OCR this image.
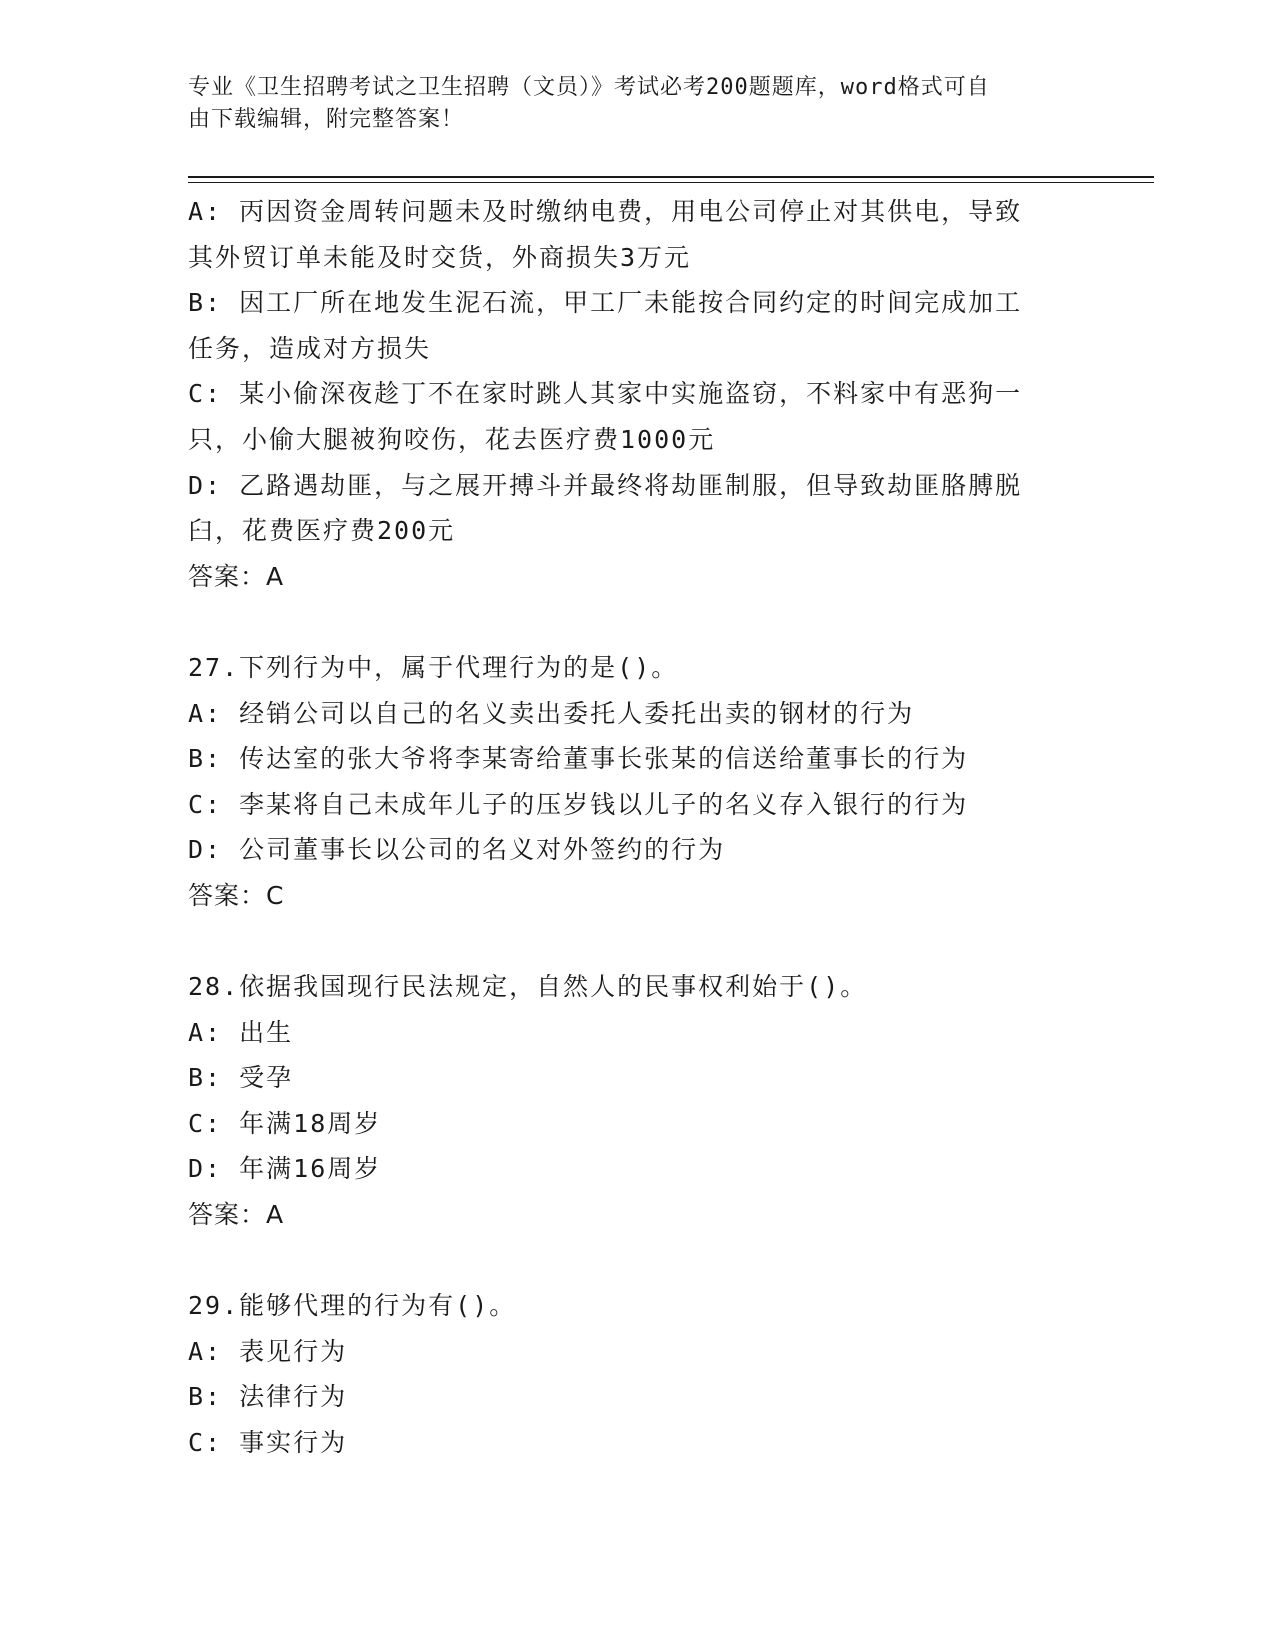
专业《卫生招聘考试之卫生招聘（文员）》考试必考200题题库，word格式可自
由下载编辑，附完整答案！
A: 丙因资金周转问题未及时缴纳电费，用电公司停止对其供电，导致
其外贸订单未能及时交货，外商损失3万元
B: 因工厂所在地发生泥石流，甲工厂未能按合同约定的时间完成加工
任务，造成对方损失
C: 某小偷深夜趁丁不在家时跳人其家中实施盗窃，不料家中有恶狗一
只，小偷大腿被狗咬伤，花去医疗费1000元
D: 乙路遇劫匪，与之展开搏斗并最终将劫匪制服，但导致劫匪胳膊脱
臼，花费医疗费200元
答案：A
27.下列行为中，属于代理行为的是()。
A: 经销公司以自己的名义卖出委托人委托出卖的钢材的行为
B: 传达室的张大爷将李某寄给董事长张某的信送给董事长的行为
C: 李某将自己未成年儿子的压岁钱以儿子的名义存入银行的行为
D: 公司董事长以公司的名义对外签约的行为
答案：C
28.依据我国现行民法规定，自然人的民事权利始于()。
A: 出生
B: 受孕
C: 年满18周岁
D: 年满16周岁
答案：A
29.能够代理的行为有()。
A: 表见行为
B: 法律行为
C: 事实行为
